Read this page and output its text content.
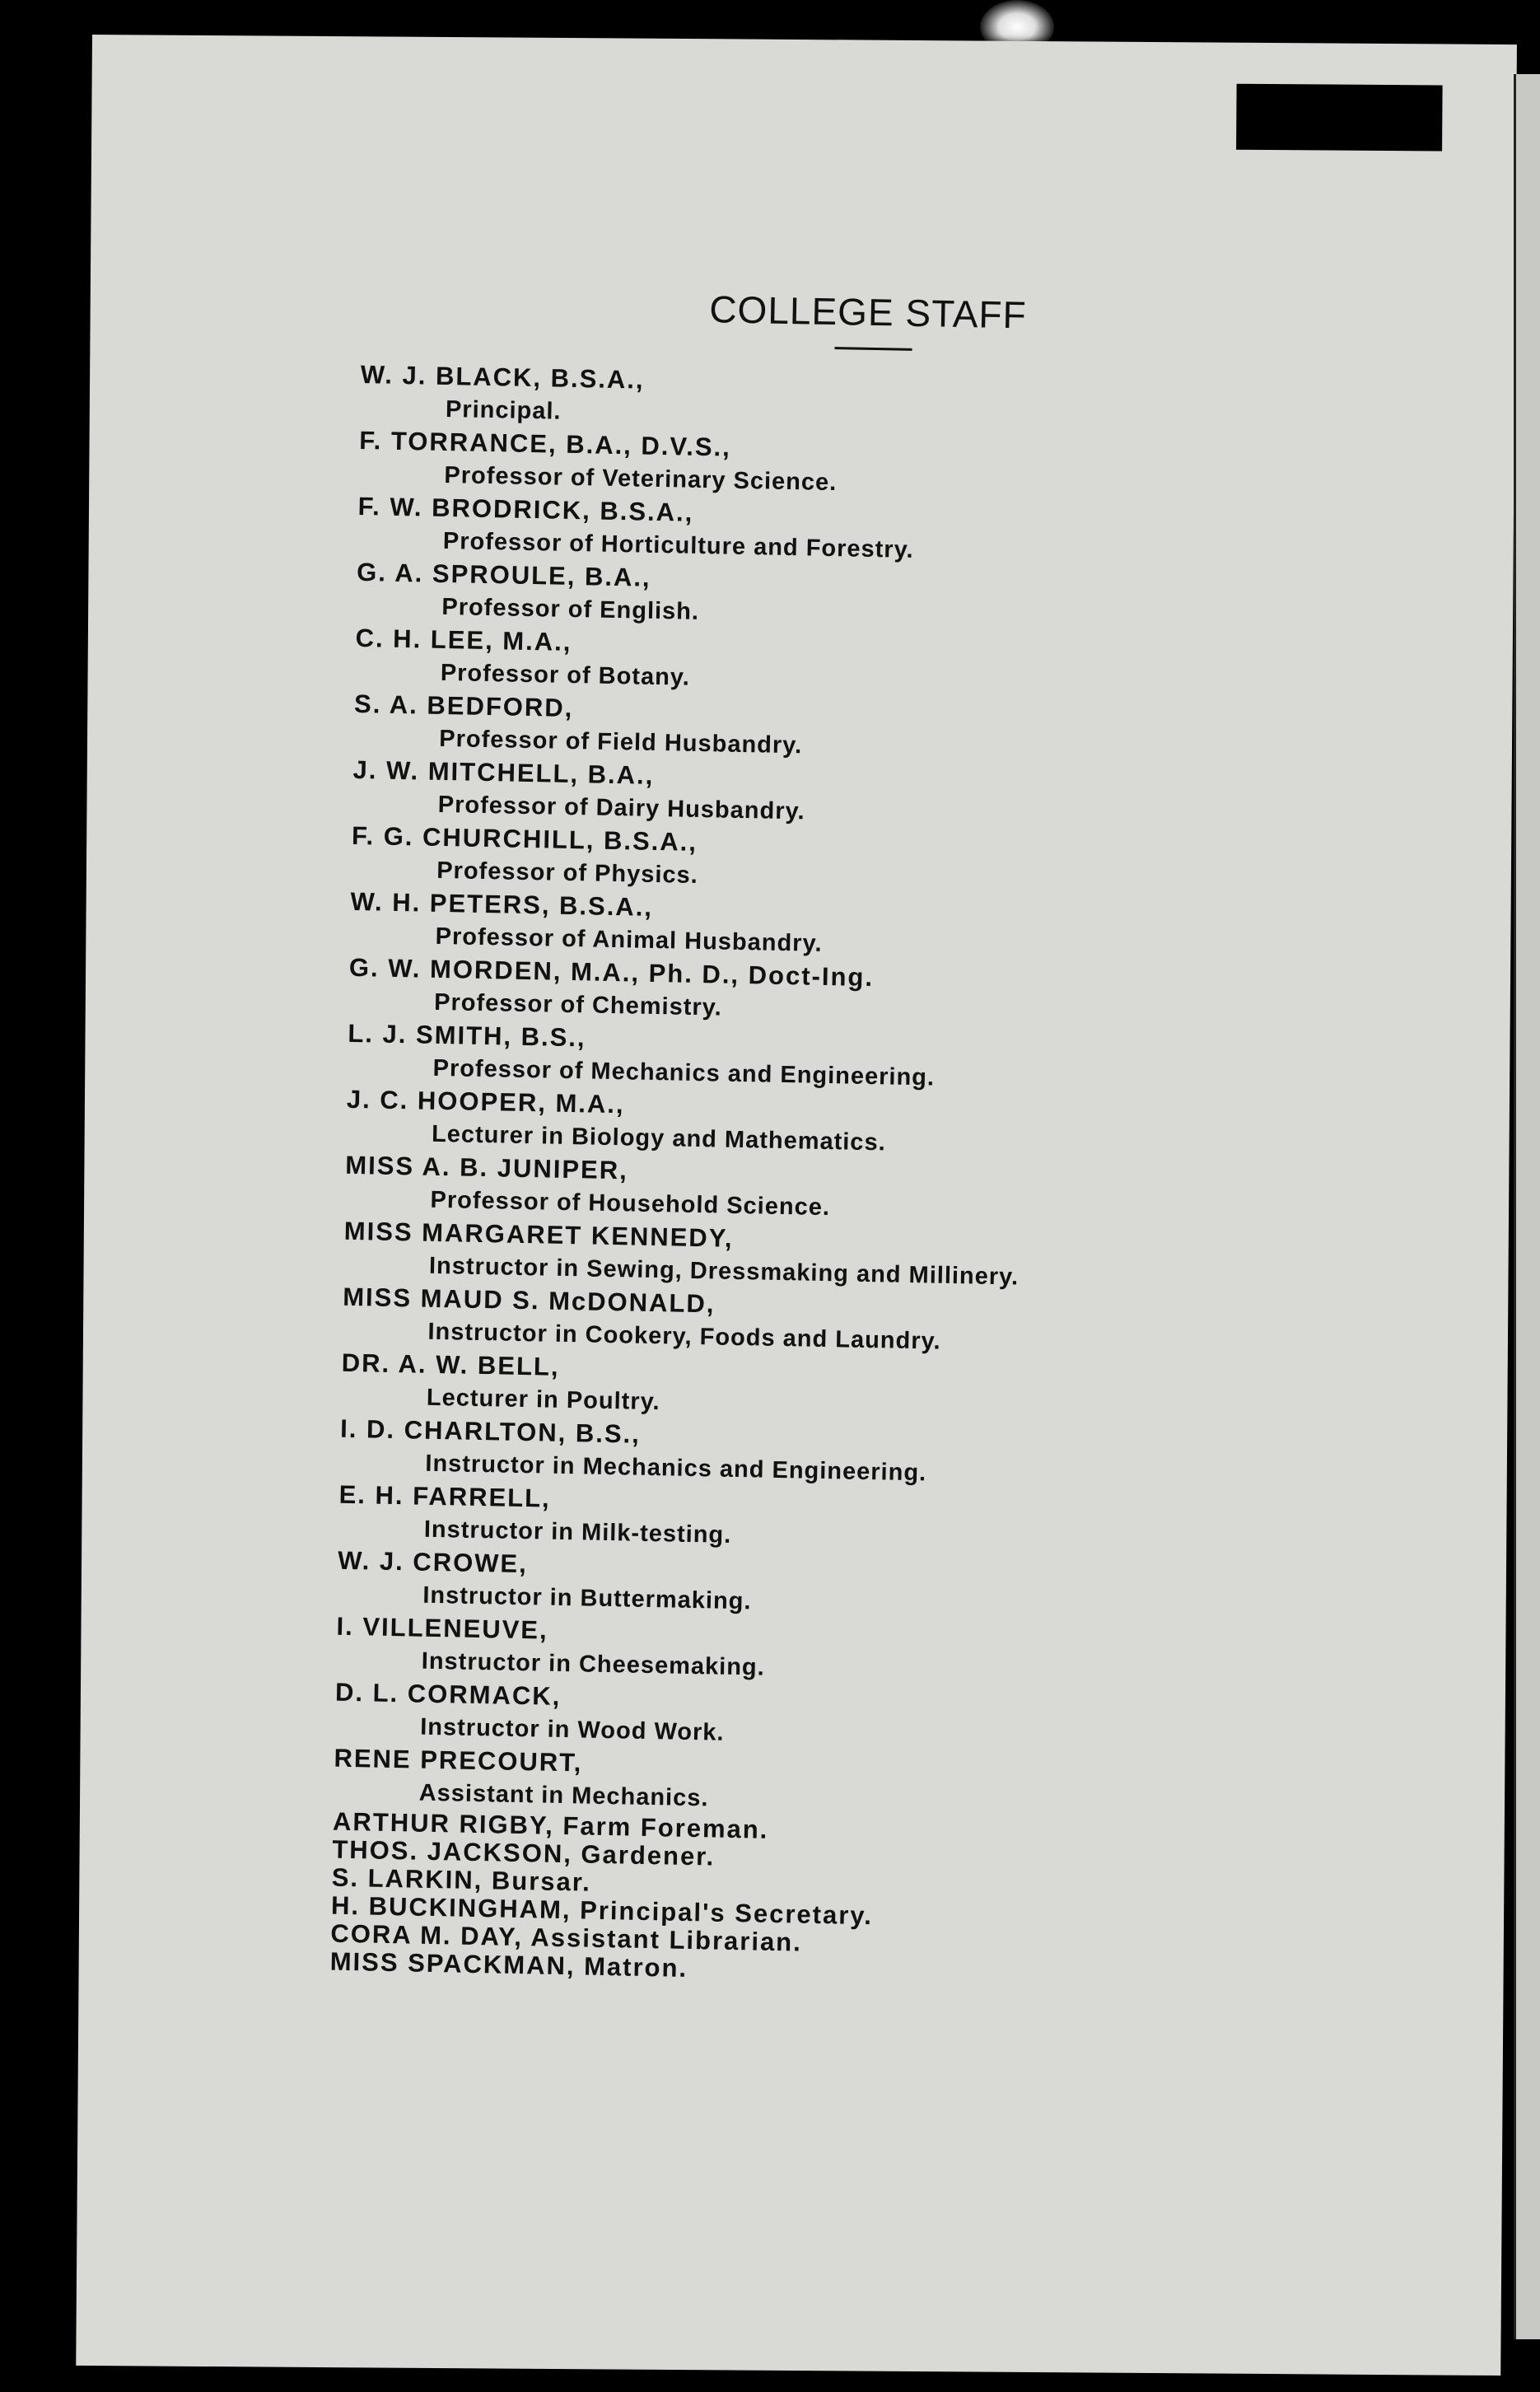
COLLEGE STAFF
W. J. BLACK, B.S.A.,
Principal.
F. TORRANCE, B.A., D.V.S.,
Professor of Veterinary Science.
F. W. BRODRICK, B.S.A.,
Professor of Horticulture and Forestry.
G. A. SPROULE, B.A.,
Professor of English.
C. H. LEE, M.A.,
Professor of Botany.
S. A. BEDFORD,
Professor of Field Husbandry.
J. W. MITCHELL, B.A.,
Professor of Dairy Husbandry.
F. G. CHURCHILL, B.S.A.,
Professor of Physics.
W. H. PETERS, B.S.A.,
Professor of Animal Husbandry.
G. W. MORDEN, M.A., Ph. D., Doct-Ing.
Professor of Chemistry.
L. J. SMITH, B.S.,
Professor of Mechanics and Engineering.
J. C. HOOPER, M.A.,
Lecturer in Biology and Mathematics.
MISS A. B. JUNIPER,
Professor of Household Science.
MISS MARGARET KENNEDY,
Instructor in Sewing, Dressmaking and Millinery.
MISS MAUD S. McDONALD,
Instructor in Cookery, Foods and Laundry.
DR. A. W. BELL,
Lecturer in Poultry.
I. D. CHARLTON, B.S.,
Instructor in Mechanics and Engineering.
E. H. FARRELL,
Instructor in Milk-testing.
W. J. CROWE,
Instructor in Buttermaking.
I. VILLENEUVE,
Instructor in Cheesemaking.
D. L. CORMACK,
Instructor in Wood Work.
RENE PRECOURT,
Assistant in Mechanics.
ARTHUR RIGBY, Farm Foreman.
THOS. JACKSON, Gardener.
S. LARKIN, Bursar.
H. BUCKINGHAM, Principal's Secretary.
CORA M. DAY, Assistant Librarian.
MISS SPACKMAN, Matron.
